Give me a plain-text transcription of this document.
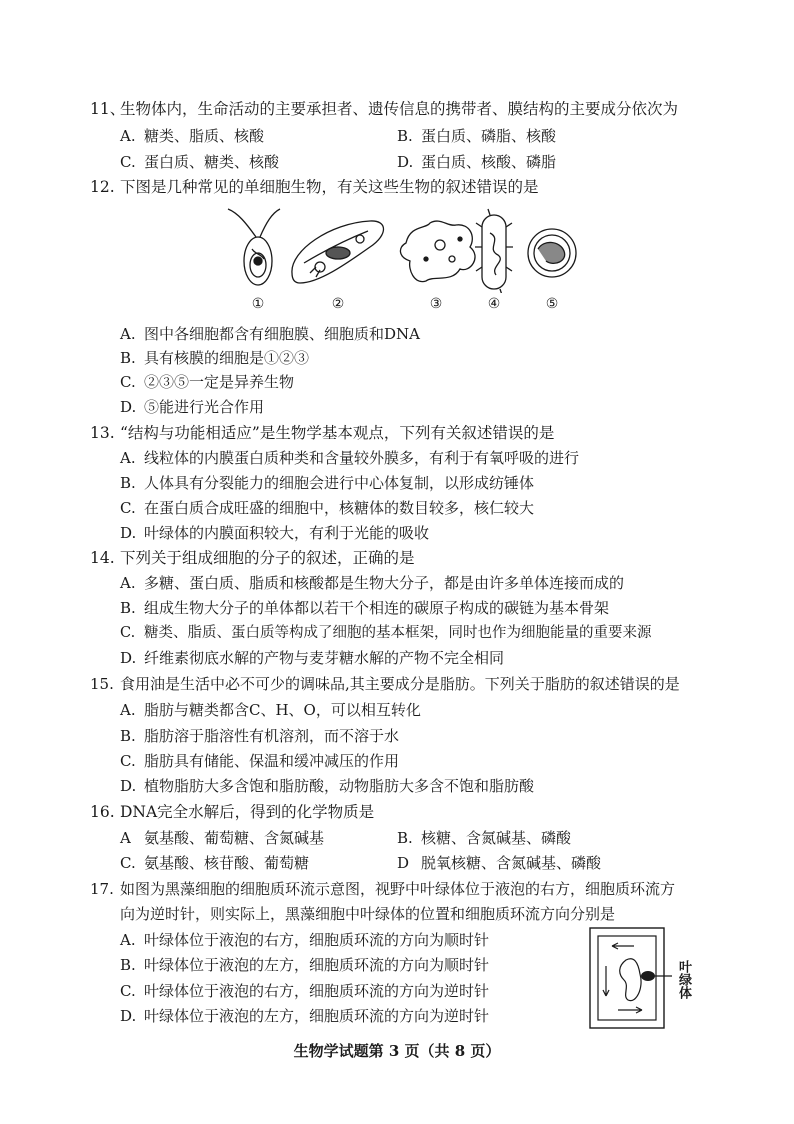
11、生物体内，生命活动的主要承担者、遗传信息的携带者、膜结构的主要成分依次为
A. 糖类、脂质、核酸	B. 蛋白质、磷脂、核酸
C. 蛋白质、糖类、核酸	D. 蛋白质、核酸、磷脂
12. 下图是几种常见的单细胞生物，有关这些生物的叙述错误的是
①	②	③	④	⑤
A. 图中各细胞都含有细胞膜、细胞质和DNA
B. 具有核膜的细胞是①②③
C. ②③⑤一定是异养生物
D. ⑤能进行光合作用
13. “结构与功能相适应”是生物学基本观点，下列有关叙述错误的是
A. 线粒体的内膜蛋白质种类和含量较外膜多，有利于有氧呼吸的进行
B. 人体具有分裂能力的细胞会进行中心体复制，以形成纺锤体
C. 在蛋白质合成旺盛的细胞中，核糖体的数目较多，核仁较大
D. 叶绿体的内膜面积较大，有利于光能的吸收
14. 下列关于组成细胞的分子的叙述，正确的是
A. 多糖、蛋白质、脂质和核酸都是生物大分子，都是由许多单体连接而成的
B. 组成生物大分子的单体都以若干个相连的碳原子构成的碳链为基本骨架
C. 糖类、脂质、蛋白质等构成了细胞的基本框架，同时也作为细胞能量的重要来源
D. 纤维素彻底水解的产物与麦芽糖水解的产物不完全相同
15. 食用油是生活中必不可少的调味品,其主要成分是脂肪。下列关于脂肪的叙述错误的是
A. 脂肪与糖类都含C、H、O，可以相互转化
B. 脂肪溶于脂溶性有机溶剂，而不溶于水
C. 脂肪具有储能、保温和缓冲减压的作用
D. 植物脂肪大多含饱和脂肪酸，动物脂肪大多含不饱和脂肪酸
16. DNA完全水解后，得到的化学物质是
A 氨基酸、葡萄糖、含氮碱基	B. 核糖、含氮碱基、磷酸
C. 氨基酸、核苷酸、葡萄糖	D 脱氧核糖、含氮碱基、磷酸
17. 如图为黑藻细胞的细胞质环流示意图，视野中叶绿体位于液泡的右方，细胞质环流方
向为逆时针，则实际上，黑藻细胞中叶绿体的位置和细胞质环流方向分别是
A. 叶绿体位于液泡的右方，细胞质环流的方向为顺时针
B. 叶绿体位于液泡的左方，细胞质环流的方向为顺时针
C. 叶绿体位于液泡的右方，细胞质环流的方向为逆时针
D. 叶绿体位于液泡的左方，细胞质环流的方向为逆时针
叶绿体
生物学试题第 3 页（共 8 页）
